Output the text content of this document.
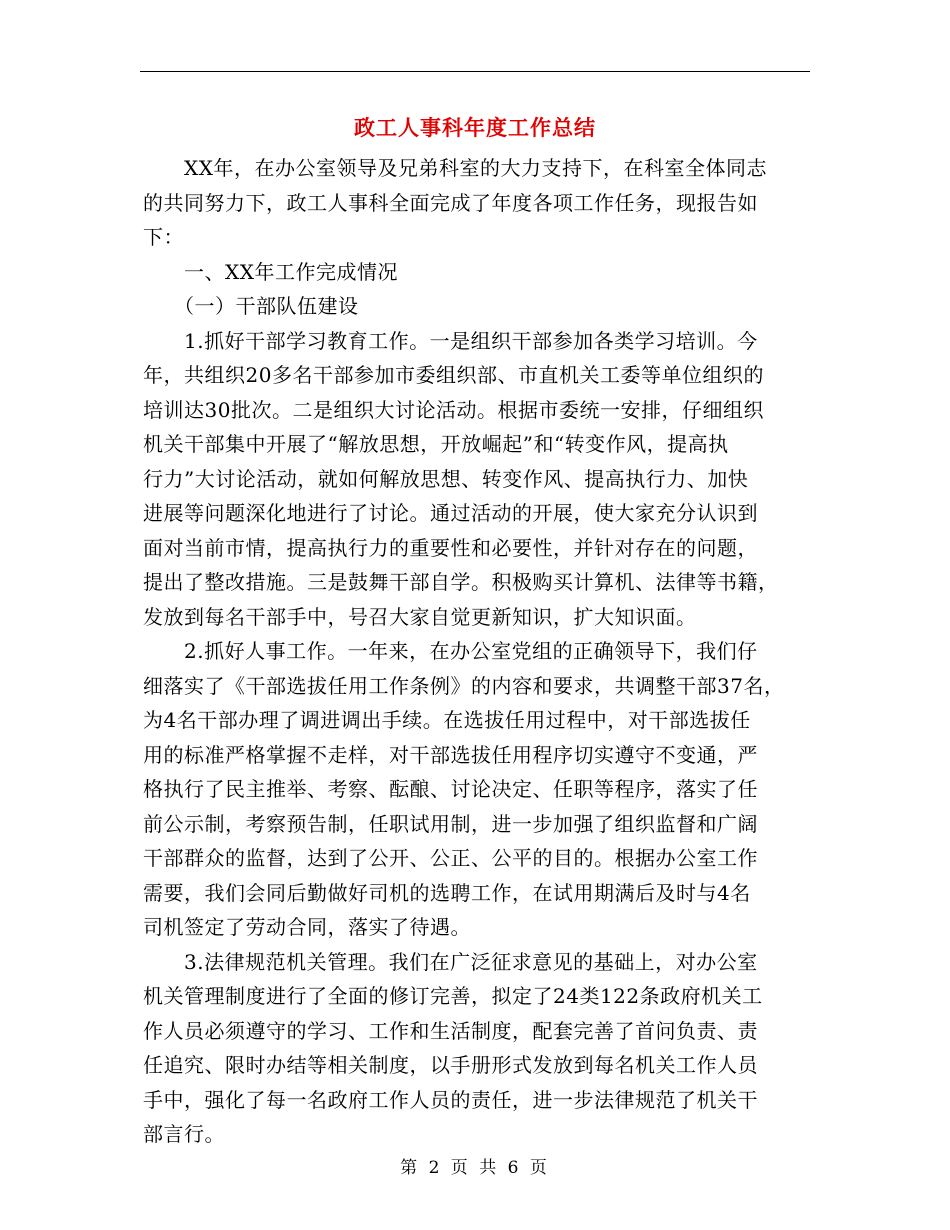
政工人事科年度工作总结
　　XX年，在办公室领导及兄弟科室的大力支持下，在科室全体同志
的共同努力下，政工人事科全面完成了年度各项工作任务，现报告如
下：
　　一、XX年工作完成情况
　　（一）干部队伍建设
　　1.抓好干部学习教育工作。一是组织干部参加各类学习培训。今
年，共组织20多名干部参加市委组织部、市直机关工委等单位组织的
培训达30批次。二是组织大讨论活动。根据市委统一安排，仔细组织
机关干部集中开展了“解放思想，开放崛起”和“转变作风，提高执
行力”大讨论活动，就如何解放思想、转变作风、提高执行力、加快
进展等问题深化地进行了讨论。通过活动的开展，使大家充分认识到
面对当前市情，提高执行力的重要性和必要性，并针对存在的问题，
提出了整改措施。三是鼓舞干部自学。积极购买计算机、法律等书籍，
发放到每名干部手中，号召大家自觉更新知识，扩大知识面。
　　2.抓好人事工作。一年来，在办公室党组的正确领导下，我们仔
细落实了《干部选拔任用工作条例》的内容和要求，共调整干部37名，
为4名干部办理了调进调出手续。在选拔任用过程中，对干部选拔任
用的标准严格掌握不走样，对干部选拔任用程序切实遵守不变通，严
格执行了民主推举、考察、酝酿、讨论决定、任职等程序，落实了任
前公示制，考察预告制，任职试用制，进一步加强了组织监督和广阔
干部群众的监督，达到了公开、公正、公平的目的。根据办公室工作
需要，我们会同后勤做好司机的选聘工作，在试用期满后及时与4名
司机签定了劳动合同，落实了待遇。
　　3.法律规范机关管理。我们在广泛征求意见的基础上，对办公室
机关管理制度进行了全面的修订完善，拟定了24类122条政府机关工
作人员必须遵守的学习、工作和生活制度，配套完善了首问负责、责
任追究、限时办结等相关制度，以手册形式发放到每名机关工作人员
手中，强化了每一名政府工作人员的责任，进一步法律规范了机关干
部言行。
第 2 页 共 6 页
